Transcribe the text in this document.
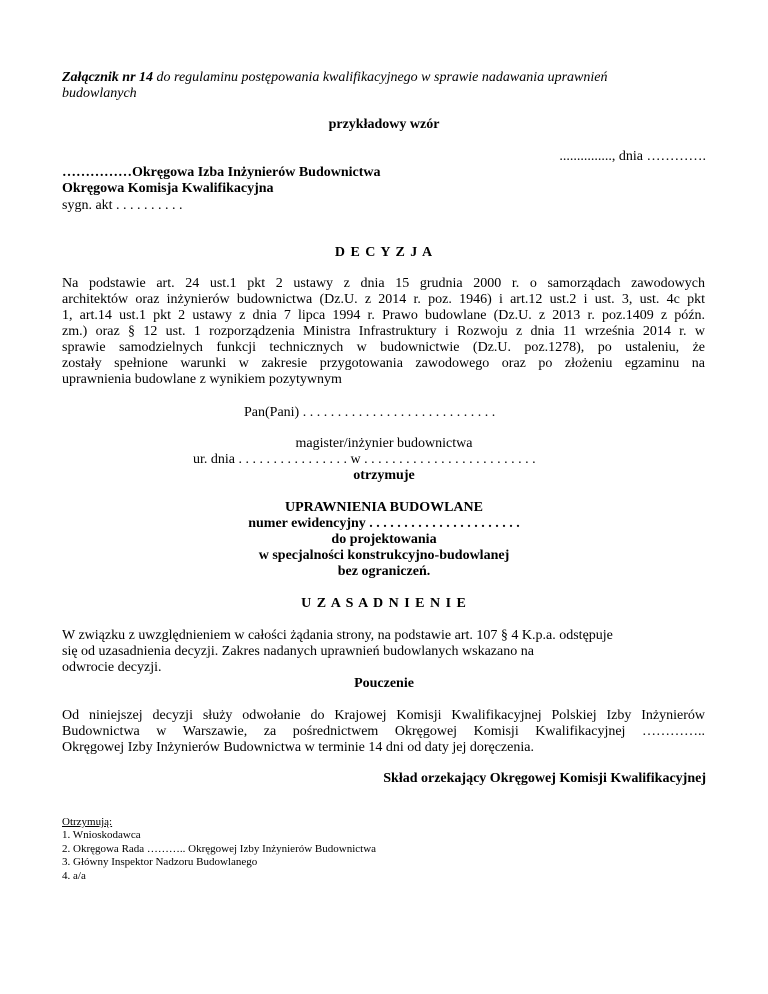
Załącznik nr 14 do regulaminu postępowania kwalifikacyjnego w sprawie nadawania uprawnień
budowlanych
przykładowy wzór
..............., dnia ………….
……………Okręgowa Izba Inżynierów Budownictwa
Okręgowa Komisja Kwalifikacyjna
sygn. akt . . . . . . . . . .
D E C Y Z J A
Na podstawie art. 24 ust.1 pkt 2 ustawy z dnia 15 grudnia 2000 r. o samorządach zawodowych
architektów oraz inżynierów budownictwa (Dz.U. z 2014 r. poz. 1946) i art.12 ust.2 i ust. 3, ust. 4c pkt
1, art.14 ust.1 pkt 2 ustawy z dnia 7 lipca 1994 r. Prawo budowlane (Dz.U. z 2013 r. poz.1409 z późn.
zm.) oraz § 12 ust. 1 rozporządzenia Ministra Infrastruktury i Rozwoju z dnia 11 września 2014 r. w
sprawie samodzielnych funkcji technicznych w budownictwie (Dz.U. poz.1278), po ustaleniu, że
zostały spełnione warunki w zakresie przygotowania zawodowego oraz po złożeniu egzaminu na
uprawnienia budowlane z wynikiem pozytywnym
Pan(Pani) . . . . . . . . . . . . . . . . . . . . . . . . . . . .
magister/inżynier budownictwa
ur. dnia . . . . . . . . . . . . . . . . w . . . . . . . . . . . . . . . . . . . . . . . . .
otrzymuje
UPRAWNIENIA BUDOWLANE
numer ewidencyjny . . . . . . . . . . . . . . . . . . . . . .
do projektowania
w specjalności konstrukcyjno-budowlanej
bez ograniczeń.
U Z A S A D N I E N I E
W związku z uwzględnieniem w całości żądania strony, na podstawie art. 107 § 4 K.p.a. odstępuje
się od uzasadnienia decyzji. Zakres nadanych uprawnień budowlanych wskazano na
odwrocie decyzji.
Pouczenie
Od niniejszej decyzji służy odwołanie do Krajowej Komisji Kwalifikacyjnej Polskiej Izby Inżynierów
Budownictwa w Warszawie, za pośrednictwem Okręgowej Komisji Kwalifikacyjnej …………..
Okręgowej Izby Inżynierów Budownictwa w terminie 14 dni od daty jej doręczenia.
Skład orzekający Okręgowej Komisji Kwalifikacyjnej
Otrzymują:
1. Wnioskodawca
2. Okręgowa Rada ……….. Okręgowej Izby Inżynierów Budownictwa
3. Główny Inspektor Nadzoru Budowlanego
4. a/a
